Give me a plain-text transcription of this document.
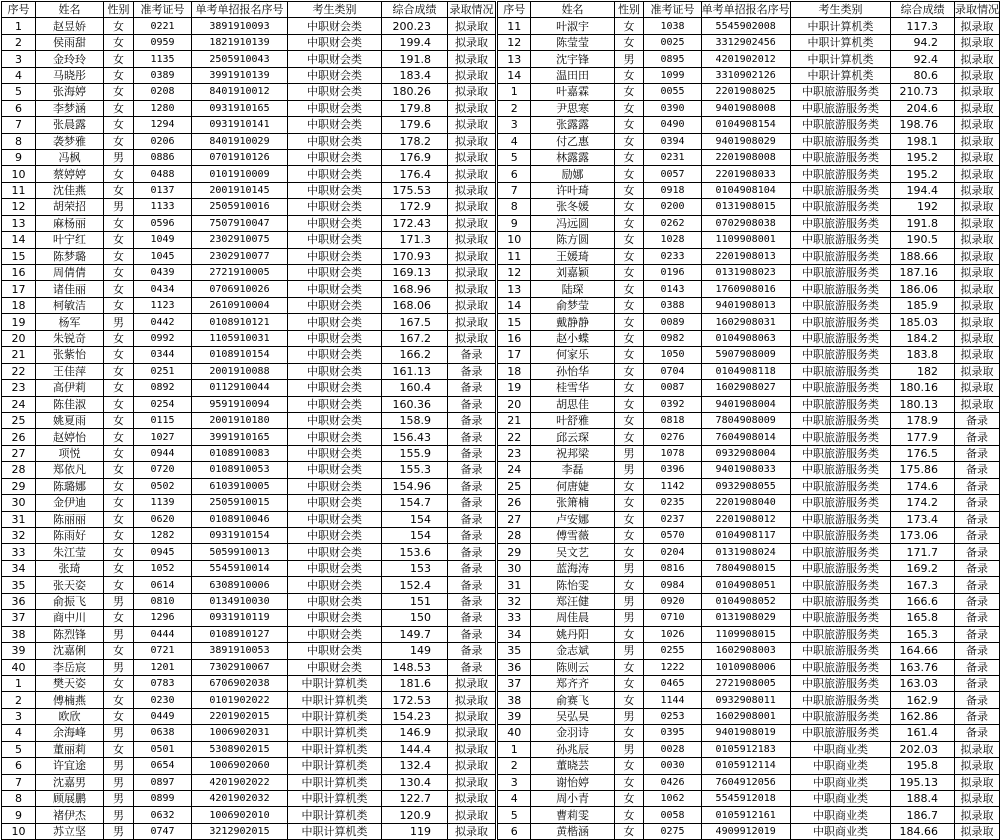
序号	姓名	性别	准考证号	单考单招报名序号	考生类别	综合成绩	录取情况
1	赵昱娇	女	0221	3891910093	中职财会类	200.23	拟录取
2	侯雨甜	女	0959	1821910139	中职财会类	199.4	拟录取
3	金玲玲	女	1135	2505910043	中职财会类	191.8	拟录取
4	马晓彤	女	0389	3991910139	中职财会类	183.4	拟录取
5	张海婷	女	0208	8401910012	中职财会类	180.26	拟录取
6	李梦涵	女	1280	0931910165	中职财会类	179.8	拟录取
7	张晨露	女	1294	0931910141	中职财会类	179.6	拟录取
8	袭梦雅	女	0206	8401910029	中职财会类	178.2	拟录取
9	冯枫	男	0886	0701910126	中职财会类	176.9	拟录取
10	蔡婷婷	女	0488	0101910009	中职财会类	176.4	拟录取
11	沈佳燕	女	0137	2001910145	中职财会类	175.53	拟录取
12	胡荣招	男	1133	2505910016	中职财会类	172.9	拟录取
13	麻杨丽	女	0596	7507910047	中职财会类	172.43	拟录取
14	叶宁红	女	1049	2302910075	中职财会类	171.3	拟录取
15	陈梦璐	女	1045	2302910077	中职财会类	170.93	拟录取
16	周倩倩	女	0439	2721910005	中职财会类	169.13	拟录取
17	诸佳丽	女	0434	0706910026	中职财会类	168.96	拟录取
18	柯敏洁	女	1123	2610910004	中职财会类	168.06	拟录取
19	杨军	男	0442	0108910121	中职财会类	167.5	拟录取
20	朱锐奇	女	0992	1105910031	中职财会类	167.2	拟录取
21	张紫怡	女	0344	0108910154	中职财会类	166.2	备录
22	王佳萍	女	0251	2001910088	中职财会类	161.13	备录
23	高伊莉	女	0892	0112910044	中职财会类	160.4	备录
24	陈佳淑	女	0254	9591910094	中职财会类	160.36	备录
25	姚夏雨	女	0115	2001910180	中职财会类	158.9	备录
26	赵婷怡	女	1027	3991910165	中职财会类	156.43	备录
27	项悦	女	0944	0108910083	中职财会类	155.9	备录
28	郑依凡	女	0720	0108910053	中职财会类	155.3	备录
29	陈璐娜	女	0502	6103910005	中职财会类	154.96	备录
30	金伊迪	女	1139	2505910015	中职财会类	154.7	备录
31	陈丽丽	女	0620	0108910046	中职财会类	154	备录
32	陈雨好	女	1282	0931910154	中职财会类	154	备录
33	朱江莹	女	0945	5059910013	中职财会类	153.6	备录
34	张琦	女	1052	5545910014	中职财会类	153	备录
35	张天姿	女	0614	6308910006	中职财会类	152.4	备录
36	俞振飞	男	0810	0134910030	中职财会类	151	备录
37	商中川	女	1296	0931910119	中职财会类	150	备录
38	陈烈锋	男	0444	0108910127	中职财会类	149.7	备录
39	沈嘉俐	女	0721	3891910053	中职财会类	149	备录
40	李岳宸	男	1201	7302910067	中职财会类	148.53	备录
1	樊天姿	女	0783	6706902038	中职计算机类	181.6	拟录取
2	傅楠燕	女	0230	0101902022	中职计算机类	172.53	拟录取
3	欧欣	女	0449	2201902015	中职计算机类	154.23	拟录取
4	余海峰	男	0638	1006902031	中职计算机类	146.9	拟录取
5	董丽莉	女	0501	5308902015	中职计算机类	144.4	拟录取
6	许宜途	男	0654	1006902060	中职计算机类	132.4	拟录取
7	沈嘉男	男	0897	4201902022	中职计算机类	130.4	拟录取
8	顾展鹏	男	0899	4201902032	中职计算机类	122.7	拟录取
9	褚伊杰	男	0632	1006902010	中职计算机类	120.9	拟录取
10	苏立坚	男	0747	3212902015	中职计算机类	119	拟录取
序号	姓名	性别	准考证号	单考单招报名序号	考生类别	综合成绩	录取情况
11	叶淑宇	女	1038	5545902008	中职计算机类	117.3	拟录取
12	陈莹莹	女	0025	3312902456	中职计算机类	94.2	拟录取
13	沈宇锋	男	0895	4201902012	中职计算机类	92.4	拟录取
14	温田田	女	1099	3310902126	中职计算机类	80.6	拟录取
1	叶嘉霖	女	0055	2201908025	中职旅游服务类	210.73	拟录取
2	尹思寒	女	0390	9401908008	中职旅游服务类	204.6	拟录取
3	张露露	女	0490	0104908154	中职旅游服务类	198.76	拟录取
4	付乙惠	女	0394	9401908029	中职旅游服务类	198.1	拟录取
5	林露露	女	0231	2201908008	中职旅游服务类	195.2	拟录取
6	励娜	女	0057	2201908033	中职旅游服务类	195.2	拟录取
7	许叶琦	女	0918	0104908104	中职旅游服务类	194.4	拟录取
8	张冬媛	女	0200	0131908015	中职旅游服务类	192	拟录取
9	冯远圆	女	0262	0702908038	中职旅游服务类	191.8	拟录取
10	陈方圆	女	1028	1109908001	中职旅游服务类	190.5	拟录取
11	王媛琦	女	0233	2201908013	中职旅游服务类	188.66	拟录取
12	刘嘉颖	女	0196	0131908023	中职旅游服务类	187.16	拟录取
13	陆琛	女	0143	1760908016	中职旅游服务类	186.06	拟录取
14	俞梦莹	女	0388	9401908013	中职旅游服务类	185.9	拟录取
15	戴静静	女	0089	1602908031	中职旅游服务类	185.03	拟录取
16	赵小蝶	女	0982	0104908063	中职旅游服务类	184.2	拟录取
17	何家乐	女	1050	5907908009	中职旅游服务类	183.8	拟录取
18	孙怡华	女	0704	0104908118	中职旅游服务类	182	拟录取
19	桂雪华	女	0087	1602908027	中职旅游服务类	180.16	拟录取
20	胡思佳	女	0392	9401908004	中职旅游服务类	180.13	拟录取
21	叶舒雅	女	0818	7804908009	中职旅游服务类	178.9	备录
22	邱云琛	女	0276	7604908014	中职旅游服务类	177.9	备录
23	祝邦梁	男	1078	0932908004	中职旅游服务类	176.5	备录
24	李磊	男	0396	9401908033	中职旅游服务类	175.86	备录
25	何唐婕	女	1142	0932908055	中职旅游服务类	174.6	备录
26	张箫楠	女	0235	2201908040	中职旅游服务类	174.2	备录
27	卢安娜	女	0237	2201908012	中职旅游服务类	173.4	备录
28	傅雪薇	女	0570	0104908117	中职旅游服务类	173.06	备录
29	吴文艺	女	0204	0131908024	中职旅游服务类	171.7	备录
30	蓝海涛	男	0816	7804908015	中职旅游服务类	169.2	备录
31	陈怡雯	女	0984	0104908051	中职旅游服务类	167.3	备录
32	郑汪健	男	0920	0104908052	中职旅游服务类	166.6	备录
33	周佳晨	男	0710	0131908029	中职旅游服务类	165.8	备录
34	姚丹阳	女	1026	1109908015	中职旅游服务类	165.3	备录
35	金志斌	男	0255	1602908003	中职旅游服务类	164.66	备录
36	陈则云	女	1222	1010908006	中职旅游服务类	163.76	备录
37	郑齐齐	女	0465	2721908005	中职旅游服务类	163.03	备录
38	俞赛飞	女	1144	0932908011	中职旅游服务类	162.9	备录
39	吴弘昊	男	0253	1602908001	中职旅游服务类	162.86	备录
40	金羽诗	女	0395	9401908019	中职旅游服务类	161.4	备录
1	孙兆辰	男	0028	0105912183	中职商业类	202.03	拟录取
2	董晓芸	女	0030	0105912114	中职商业类	195.8	拟录取
3	谢怡婷	女	0426	7604912056	中职商业类	195.13	拟录取
4	周小青	女	1062	5545912018	中职商业类	188.4	拟录取
5	曹莉雯	女	0058	0105912161	中职商业类	186.7	拟录取
6	黄楷涵	女	0275	4909912019	中职商业类	184.66	拟录取
